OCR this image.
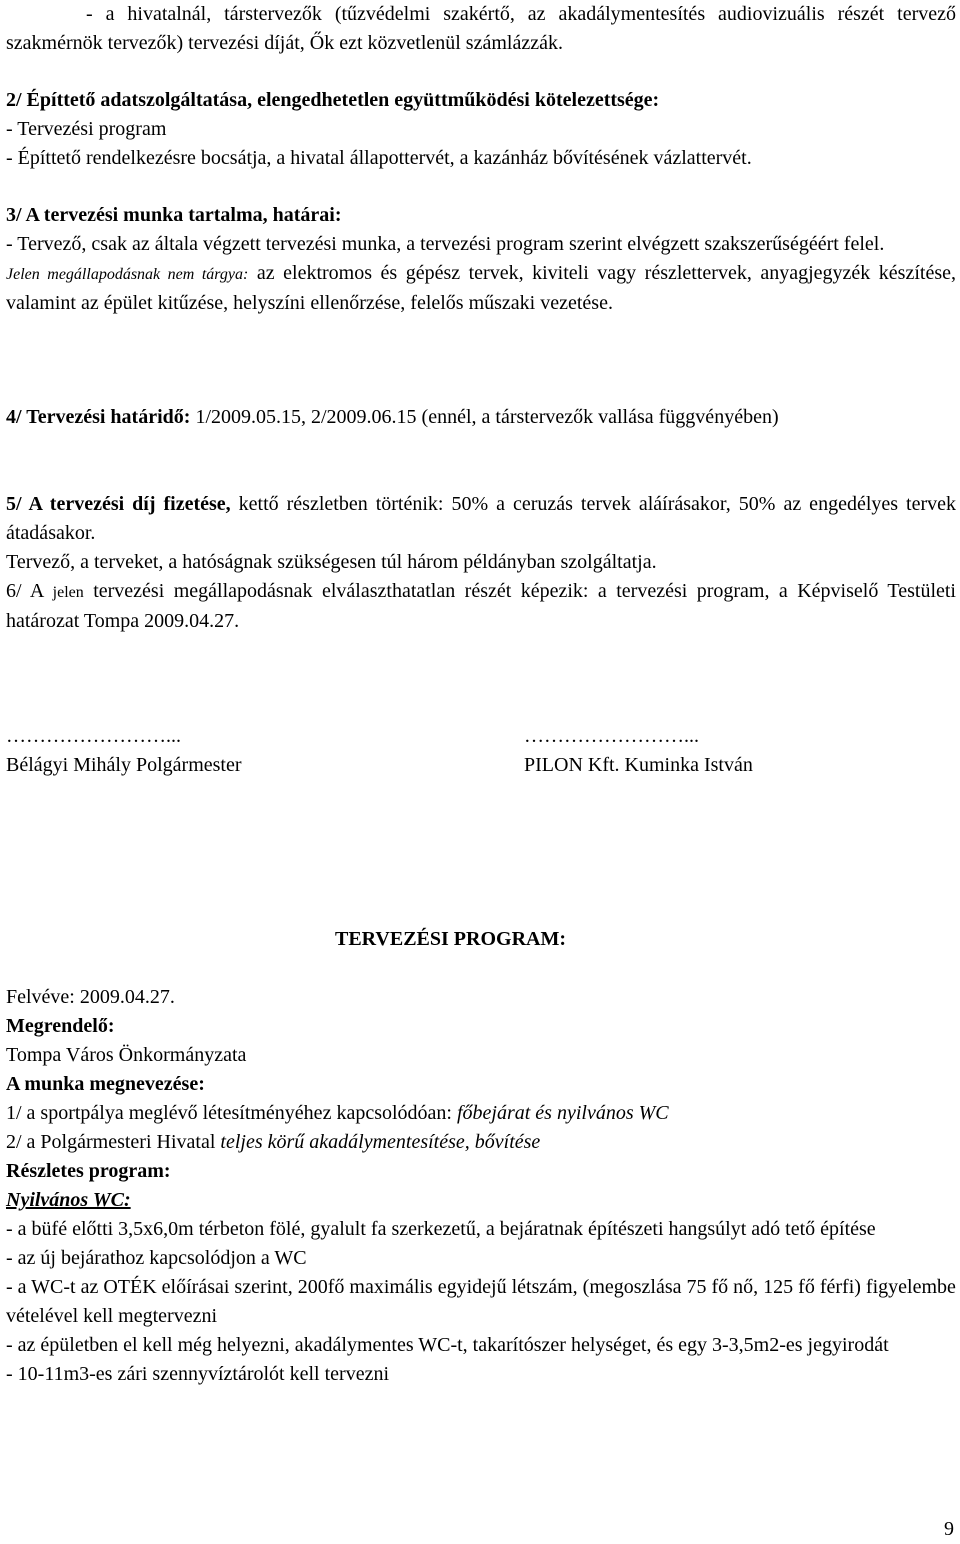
- a hivatalnál, társtervezők (tűzvédelmi szakértő, az akadálymentesítés audiovizuális részét tervező szakmérnök tervezők) tervezési díját, Ők ezt közvetlenül számlázzák.

2/ Építtető adatszolgáltatása, elengedhetetlen együttműködési kötelezettsége:

- Tervezési program

- Építtető rendelkezésre bocsátja, a hivatal állapottervét, a kazánház bővítésének vázlattervét.

3/ A tervezési munka tartalma, határai:

- Tervező, csak az általa végzett tervezési munka, a tervezési program szerint elvégzett szakszerűségéért felel.

Jelen megállapodásnak nem tárgya: az elektromos és gépész tervek, kiviteli vagy részlettervek, anyagjegyzék készítése, valamint az épület kitűzése, helyszíni ellenőrzése, felelős műszaki vezetése.

4/ Tervezési határidő: 1/2009.05.15, 2/2009.06.15 (ennél, a társtervezők vallása függvényében)

5/ A tervezési díj fizetése, kettő részletben történik: 50% a ceruzás tervek aláírásakor, 50% az engedélyes tervek átadásakor.

Tervező, a terveket, a hatóságnak szükségesen túl három példányban szolgáltatja.

6/ A jelen tervezési megállapodásnak elválaszthatatlan részét képezik: a tervezési program, a Képviselő Testületi határozat Tompa 2009.04.27.

……………………...
Bélágyi Mihály Polgármester
……………………...
PILON Kft. Kuminka István

TERVEZÉSI PROGRAM:

Felvéve: 2009.04.27.

Megrendelő:

Tompa Város Önkormányzata

A munka megnevezése:

1/ a sportpálya meglévő létesítményéhez kapcsolódóan: főbejárat és nyilvános WC

2/ a Polgármesteri Hivatal teljes körű akadálymentesítése, bővítése

Részletes program:

Nyilvános WC:

- a büfé előtti 3,5x6,0m térbeton fölé, gyalult fa szerkezetű, a bejáratnak építészeti hangsúlyt adó tető építése

- az új bejárathoz kapcsolódjon a WC

- a WC-t az OTÉK előírásai szerint, 200fő maximális egyidejű létszám, (megoszlása 75 fő nő, 125 fő férfi) figyelembe vételével kell megtervezni

- az épületben el kell még helyezni, akadálymentes WC-t, takarítószer helységet, és egy 3-3,5m2-es jegyirodát

- 10-11m3-es zári szennyvíztárolót kell tervezni

9
